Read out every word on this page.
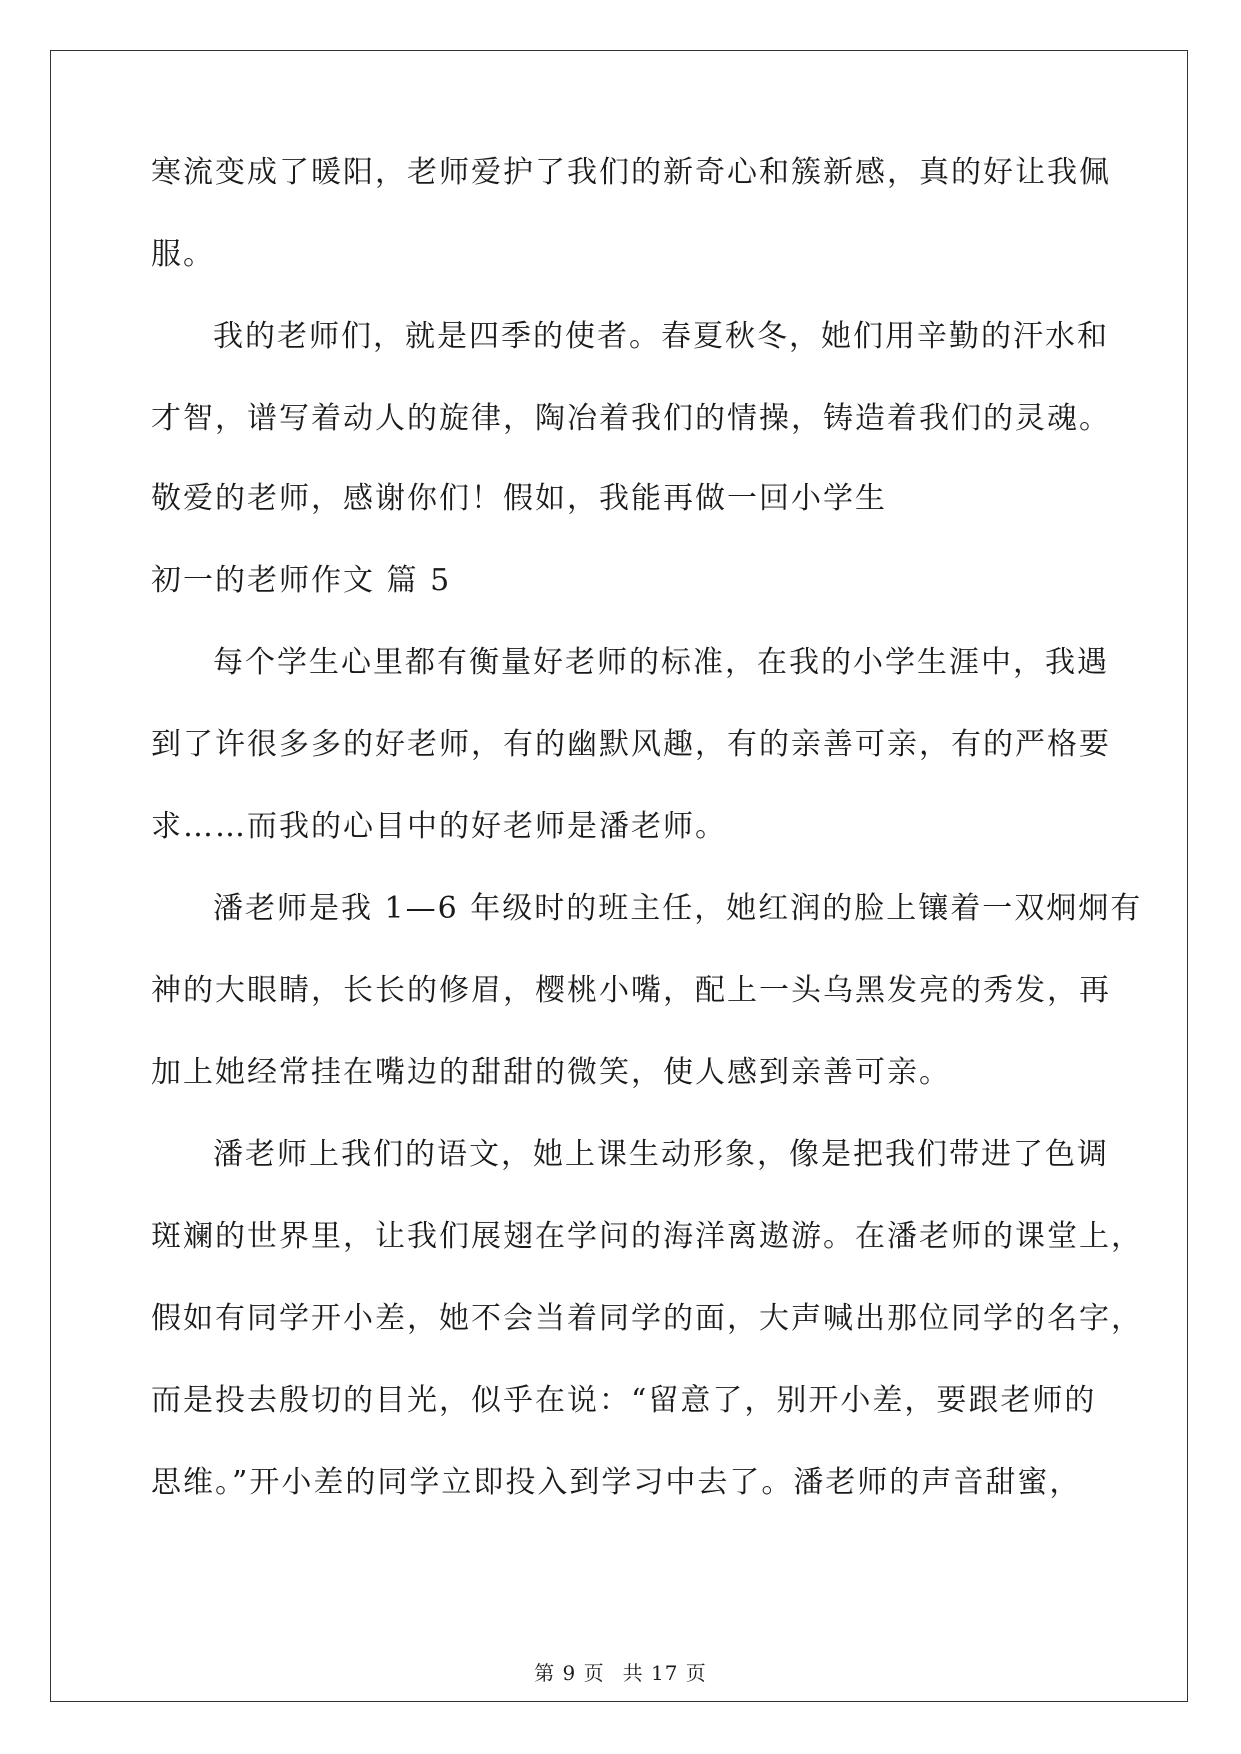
寒流变成了暖阳，老师爱护了我们的新奇心和簇新感，真的好让我佩

服。

我的老师们，就是四季的使者。春夏秋冬，她们用辛勤的汗水和

才智，谱写着动人的旋律，陶冶着我们的情操，铸造着我们的灵魂。

敬爱的老师，感谢你们！假如，我能再做一回小学生

初一的老师作文 篇 5

每个学生心里都有衡量好老师的标准，在我的小学生涯中，我遇

到了许很多多的好老师，有的幽默风趣，有的亲善可亲，有的严格要

求……而我的心目中的好老师是潘老师。

潘老师是我 1—6 年级时的班主任，她红润的脸上镶着一双炯炯有

神的大眼睛，长长的修眉，樱桃小嘴，配上一头乌黑发亮的秀发，再

加上她经常挂在嘴边的甜甜的微笑，使人感到亲善可亲。

潘老师上我们的语文，她上课生动形象，像是把我们带进了色调

斑斓的世界里，让我们展翅在学问的海洋离遨游。在潘老师的课堂上，

假如有同学开小差，她不会当着同学的面，大声喊出那位同学的名字，

而是投去殷切的目光，似乎在说：“留意了，别开小差，要跟老师的

思维。”开小差的同学立即投入到学习中去了。潘老师的声音甜蜜，

第 9 页 共 17 页
